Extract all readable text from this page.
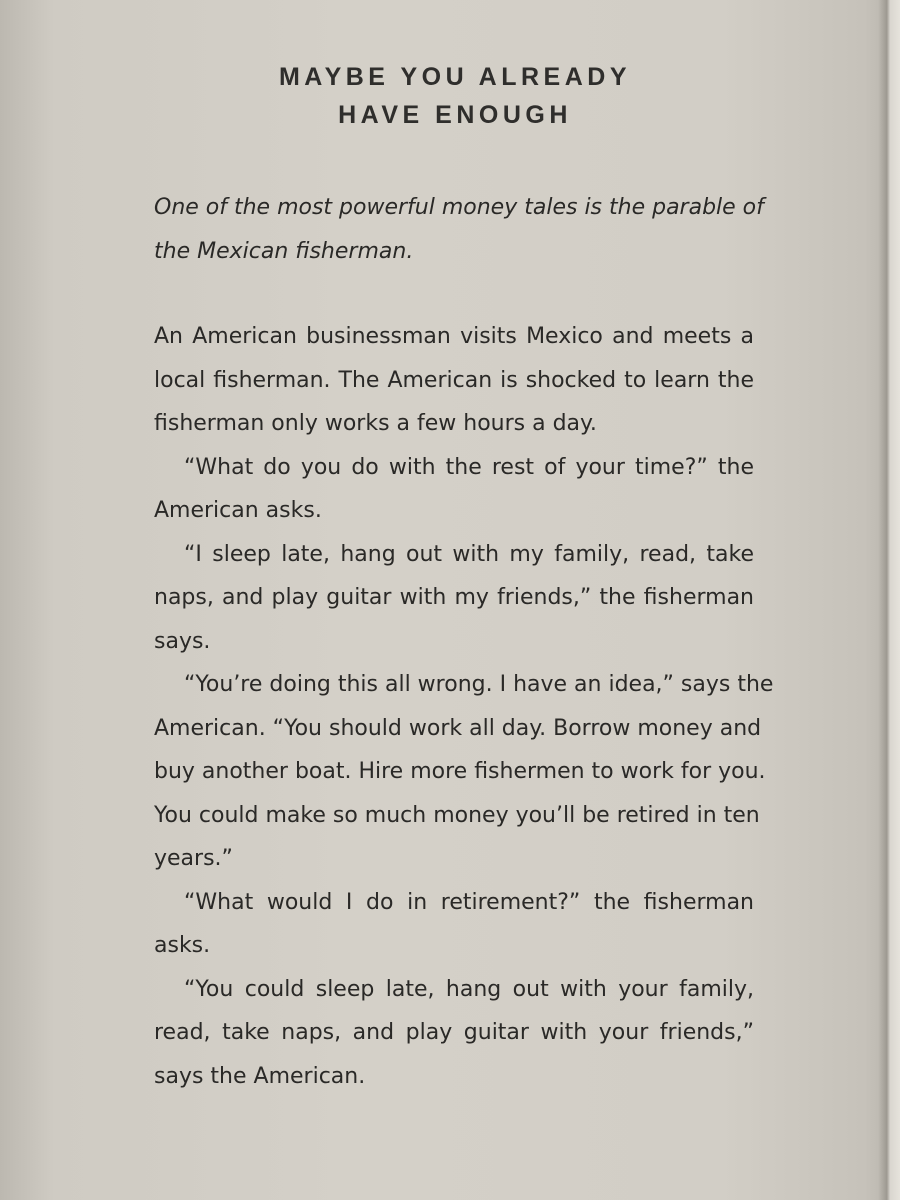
MAYBE YOU ALREADY
HAVE ENOUGH
One of the most powerful money tales is the parable of
the Mexican fisherman.
An American businessman visits Mexico and meets a
local fisherman. The American is shocked to learn the
fisherman only works a few hours a day.
“What do you do with the rest of your time?” the
American asks.
“I sleep late, hang out with my family, read, take
naps, and play guitar with my friends,” the fisherman
says.
“You’re doing this all wrong. I have an idea,” says the
American. “You should work all day. Borrow money and
buy another boat. Hire more fishermen to work for you.
You could make so much money you’ll be retired in ten
years.”
“What would I do in retirement?” the fisherman
asks.
“You could sleep late, hang out with your family,
read, take naps, and play guitar with your friends,”
says the American.
